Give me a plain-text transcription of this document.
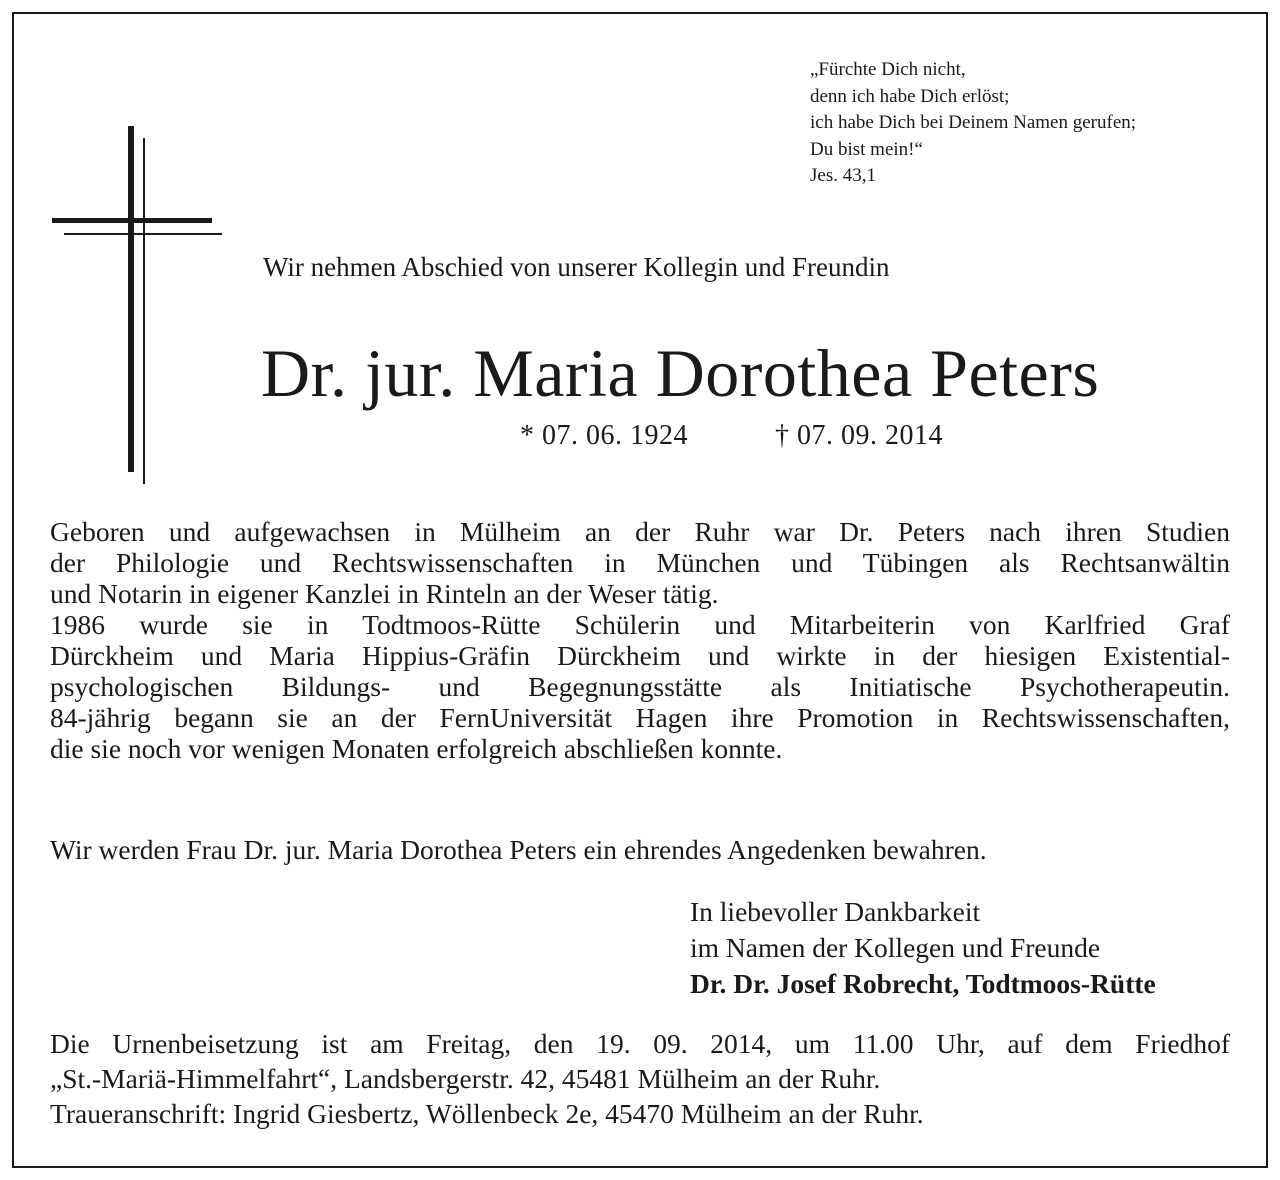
„Fürchte Dich nicht,
denn ich habe Dich erlöst;
ich habe Dich bei Deinem Namen gerufen;
Du bist mein!“
Jes. 43,1
Wir nehmen Abschied von unserer Kollegin und Freundin
Dr. jur. Maria Dorothea Peters
* 07. 06. 1924	† 07. 09. 2014
Geboren und aufgewachsen in Mülheim an der Ruhr war Dr. Peters nach ihren Studien
der Philologie und Rechtswissenschaften in München und Tübingen als Rechtsanwältin
und Notarin in eigener Kanzlei in Rinteln an der Weser tätig.
1986 wurde sie in Todtmoos-Rütte Schülerin und Mitarbeiterin von Karlfried Graf
Dürckheim und Maria Hippius-Gräfin Dürckheim und wirkte in der hiesigen Existential-
psychologischen Bildungs- und Begegnungsstätte als Initiatische Psychotherapeutin.
84-jährig begann sie an der FernUniversität Hagen ihre Promotion in Rechtswissenschaften,
die sie noch vor wenigen Monaten erfolgreich abschließen konnte.
Wir werden Frau Dr. jur. Maria Dorothea Peters ein ehrendes Angedenken bewahren.
In liebevoller Dankbarkeit
im Namen der Kollegen und Freunde
Dr. Dr. Josef Robrecht, Todtmoos-Rütte
Die Urnenbeisetzung ist am Freitag, den 19. 09. 2014, um 11.00 Uhr, auf dem Friedhof
„St.-Mariä-Himmelfahrt“, Landsbergerstr. 42, 45481 Mülheim an der Ruhr.
Traueranschrift: Ingrid Giesbertz, Wöllenbeck 2e, 45470 Mülheim an der Ruhr.
